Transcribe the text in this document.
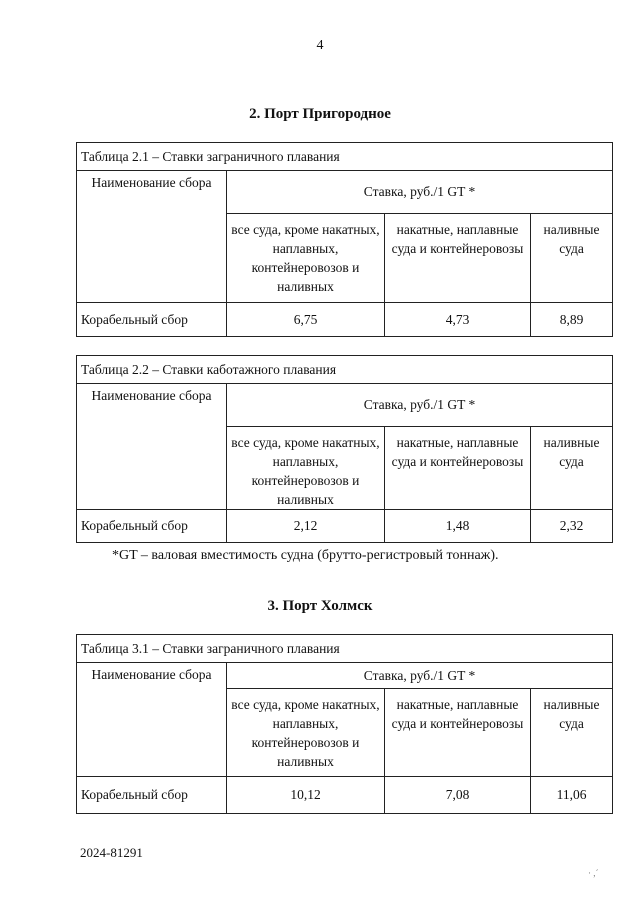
4
2. Порт Пригородное
Таблица 2.1 – Ставки заграничного плавания			
Наименование сбора	Ставка, руб./1 GT *		
	все суда, кроме накатных, наплавных, контейнеровозов и наливных	накатные, наплавные суда и контейнеровозы	наливные суда
Корабельный сбор	6,75	4,73	8,89
Таблица 2.2 – Ставки каботажного плавания			
Наименование сбора	Ставка, руб./1 GT *		
	все суда, кроме накатных, наплавных, контейнеровозов и наливных	накатные, наплавные суда и контейнеровозы	наливные суда
Корабельный сбор	2,12	1,48	2,32
*GT – валовая вместимость судна (брутто-регистровый тоннаж).
3. Порт Холмск
Таблица 3.1 – Ставки заграничного плавания			
Наименование сбора	Ставка, руб./1 GT *		
	все суда, кроме накатных, наплавных, контейнеровозов и наливных	накатные, наплавные суда и контейнеровозы	наливные суда
Корабельный сбор	10,12	7,08	11,06
2024-81291
· ,´
